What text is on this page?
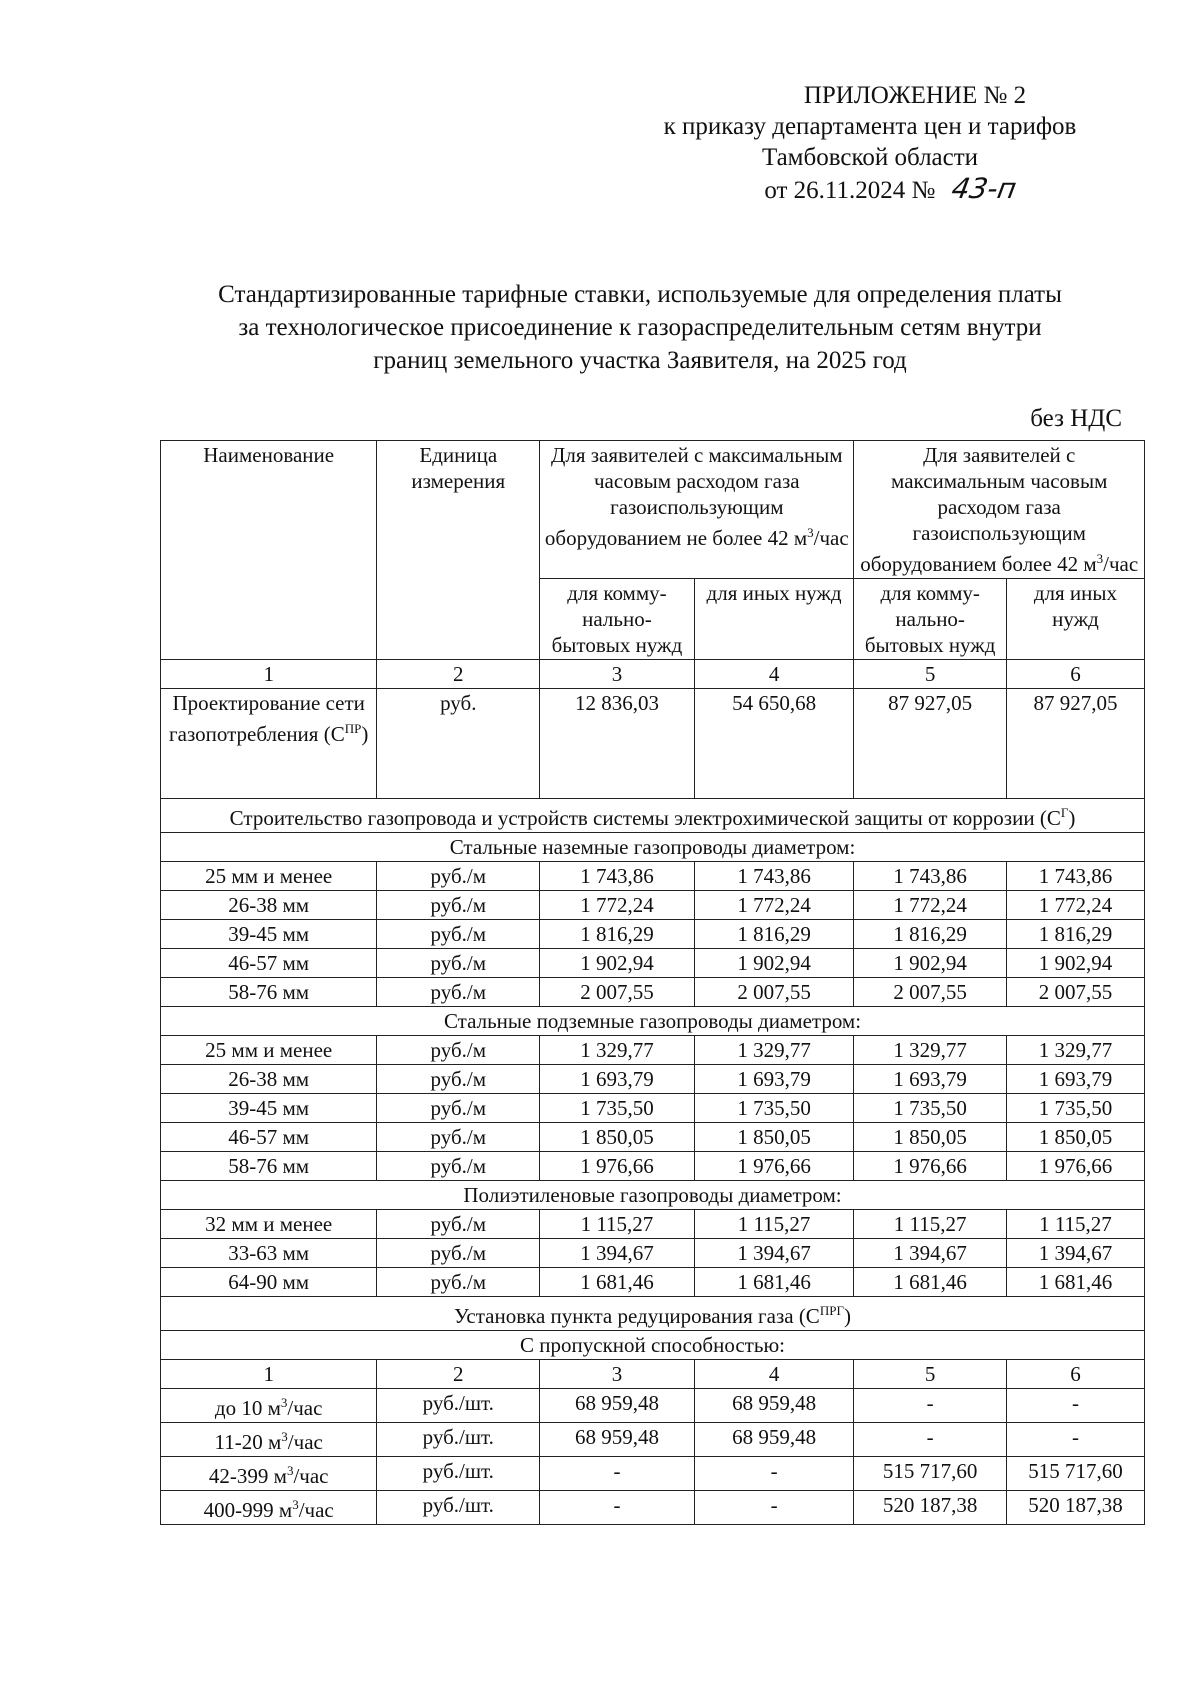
ПРИЛОЖЕНИЕ № 2
к приказу департамента цен и тарифов
Тамбовской области
от 26.11.2024 № 43-п
Стандартизированные тарифные ставки, используемые для определения платы
за технологическое присоединение к газораспределительным сетям внутри
границ земельного участка Заявителя, на 2025 год
без НДС
Наименование	Единица измерения	Для заявителей с максимальным часовым расходом газа газоиспользующим оборудованием не более 42 $м^3$/час		Для заявителей с максимальным часовым расходом газа газоиспользующим оборудованием более 42 $м^3$/час	
		для комму-нально-бытовых нужд	для иных нужд	для комму-нально-бытовых нужд	для иных нужд
1	2	3	4	5	6
Проектирование сети газопотребления $(С^{ПР})$	руб.	12 836,03	54 650,68	87 927,05	87 927,05
Строительство газопровода и устройств системы электрохимической защиты от коррозии $(С^Г)$					
Стальные наземные газопроводы диаметром:					
25 мм и менее	руб./м	1 743,86	1 743,86	1 743,86	1 743,86
26-38 мм	руб./м	1 772,24	1 772,24	1 772,24	1 772,24
39-45 мм	руб./м	1 816,29	1 816,29	1 816,29	1 816,29
46-57 мм	руб./м	1 902,94	1 902,94	1 902,94	1 902,94
58-76 мм	руб./м	2 007,55	2 007,55	2 007,55	2 007,55
Стальные подземные газопроводы диаметром:					
25 мм и менее	руб./м	1 329,77	1 329,77	1 329,77	1 329,77
26-38 мм	руб./м	1 693,79	1 693,79	1 693,79	1 693,79
39-45 мм	руб./м	1 735,50	1 735,50	1 735,50	1 735,50
46-57 мм	руб./м	1 850,05	1 850,05	1 850,05	1 850,05
58-76 мм	руб./м	1 976,66	1 976,66	1 976,66	1 976,66
Полиэтиленовые газопроводы диаметром:					
32 мм и менее	руб./м	1 115,27	1 115,27	1 115,27	1 115,27
33-63 мм	руб./м	1 394,67	1 394,67	1 394,67	1 394,67
64-90 мм	руб./м	1 681,46	1 681,46	1 681,46	1 681,46
Установка пункта редуцирования газа $(С^{ПРГ})$					
С пропускной способностью:					
1	2	3	4	5	6
до 10 $м^3$/час	руб./шт.	68 959,48	68 959,48	-	-
11-20 $м^3$/час	руб./шт.	68 959,48	68 959,48	-	-
42-399 $м^3$/час	руб./шт.	-	-	515 717,60	515 717,60
400-999 $м^3$/час	руб./шт.	-	-	520 187,38	520 187,38
